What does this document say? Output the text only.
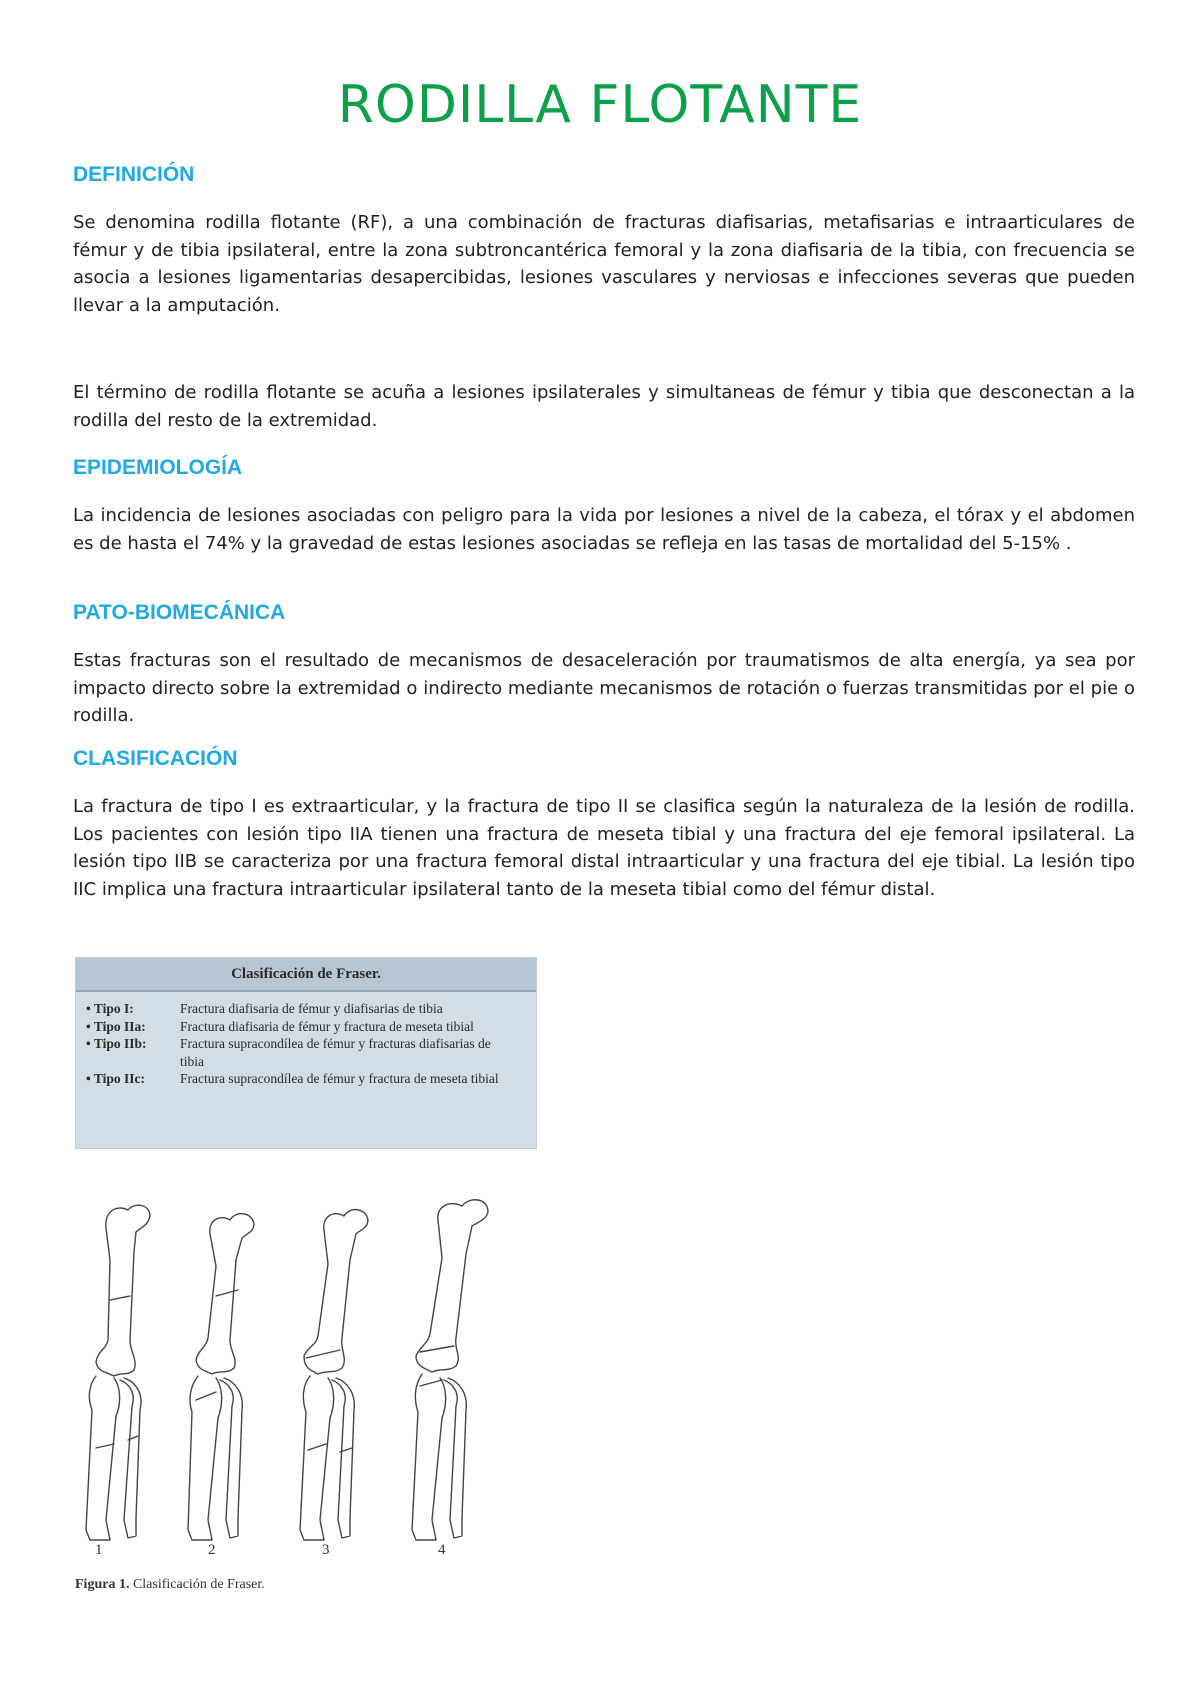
RODILLA FLOTANTE
DEFINICIÓN

Se denomina rodilla flotante (RF), a una combinación de fracturas diafisarias, metafisarias e intraarticulares de fémur y de tibia ipsilateral, entre la zona subtroncantérica femoral y la zona diafisaria de la tibia, con frecuencia se asocia a lesiones ligamentarias desapercibidas, lesiones vasculares y nerviosas e infecciones severas que pueden llevar a la amputación.

El término de rodilla flotante se acuña a lesiones ipsilaterales y simultaneas de fémur y tibia que desconectan a la rodilla del resto de la extremidad.

EPIDEMIOLOGÍA

La incidencia de lesiones asociadas con peligro para la vida por lesiones a nivel de la cabeza, el tórax y el abdomen es de hasta el 74% y la gravedad de estas lesiones asociadas se refleja en las tasas de mortalidad del 5-15% .

PATO-BIOMECÁNICA

Estas fracturas son el resultado de mecanismos de desaceleración por traumatismos de alta energía, ya sea por impacto directo sobre la extremidad o indirecto mediante mecanismos de rotación o fuerzas transmitidas por el pie o rodilla.

CLASIFICACIÓN

La fractura de tipo I es extraarticular, y la fractura de tipo II se clasifica según la naturaleza de la lesión de rodilla. Los pacientes con lesión tipo IIA tienen una fractura de meseta tibial y una fractura del eje femoral ipsilateral. La lesión tipo IIB se caracteriza por una fractura femoral distal intraarticular y una fractura del eje tibial. La lesión tipo IIC implica una fractura intraarticular ipsilateral tanto de la meseta tibial como del fémur distal.

Clasificación de Fraser.
• Tipo I:	Fractura diafisaria de fémur y diafisarias de tibia
• Tipo IIa:	Fractura diafisaria de fémur y fractura de meseta tibial
• Tipo IIb:	Fractura supracondílea de fémur y fracturas diafisarias de tibia
• Tipo IIc:	Fractura supracondílea de fémur y fractura de meseta tibial
1	2	3	4

Figura 1. Clasificación de Fraser.
